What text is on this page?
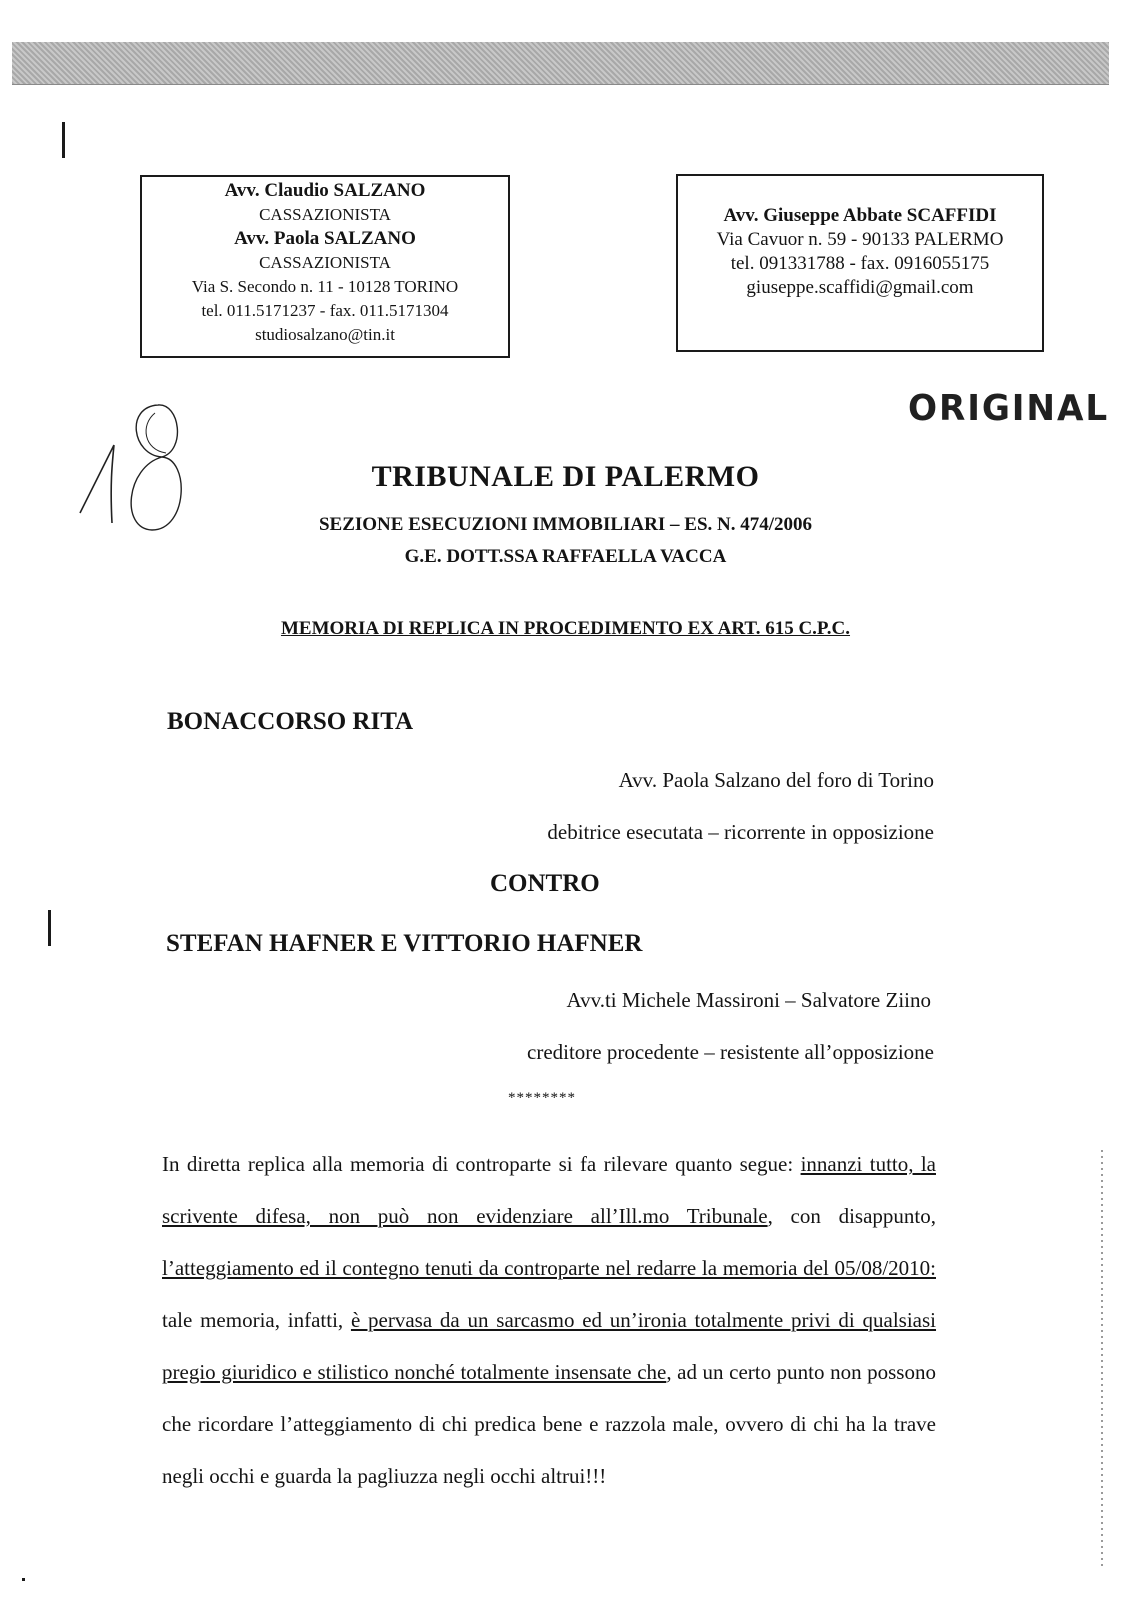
Avv. Claudio SALZANO
CASSAZIONISTA
Avv. Paola SALZANO
CASSAZIONISTA
Via S. Secondo n. 11 - 10128 TORINO
tel. 011.5171237 - fax. 011.5171304
studiosalzano@tin.it
Avv. Giuseppe Abbate SCAFFIDI
Via Cavuor n. 59 - 90133 PALERMO
tel. 091331788 - fax. 0916055175
giuseppe.scaffidi@gmail.com
ORIGINAL
TRIBUNALE DI PALERMO
SEZIONE ESECUZIONI IMMOBILIARI – ES. N. 474/2006
G.E. DOTT.SSA RAFFAELLA VACCA
MEMORIA DI REPLICA IN PROCEDIMENTO EX ART. 615 C.P.C.
BONACCORSO RITA
Avv. Paola Salzano del foro di Torino
debitrice esecutata – ricorrente in opposizione
CONTRO
STEFAN HAFNER E VITTORIO HAFNER
Avv.ti Michele Massironi – Salvatore Ziino
creditore procedente – resistente all’opposizione
********
In diretta replica alla memoria di controparte si fa rilevare quanto segue: innanzi tutto, la scrivente difesa, non può non evidenziare all’Ill.mo Tribunale, con disappunto, l’atteggiamento ed il contegno tenuti da controparte nel redarre la memoria del 05/08/2010: tale memoria, infatti, è pervasa da un sarcasmo ed un’ironia totalmente privi di qualsiasi pregio giuridico e stilistico nonché totalmente insensate che, ad un certo punto non possono che ricordare l’atteggiamento di chi predica bene e razzola male, ovvero di chi ha la trave negli occhi e guarda la pagliuzza negli occhi altrui!!!
